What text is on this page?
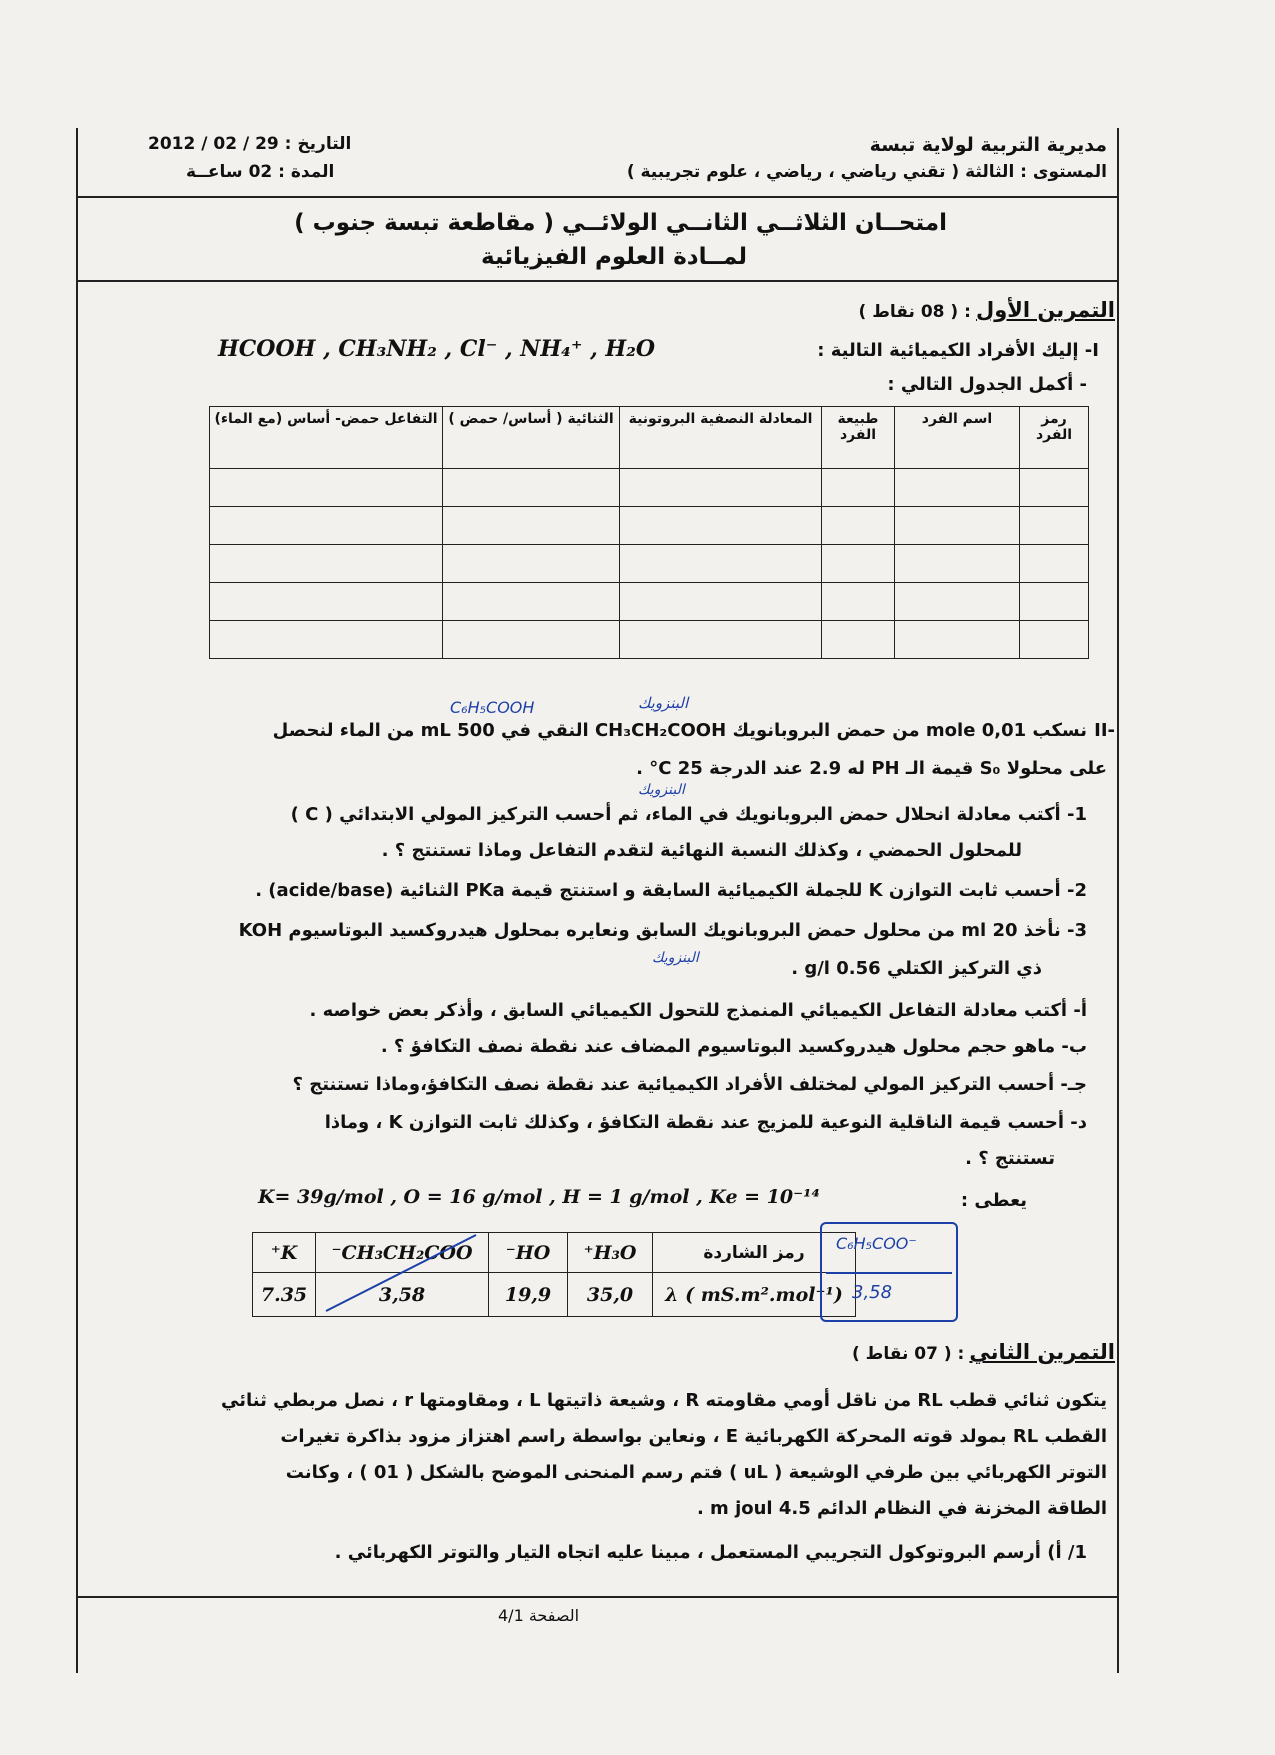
مديرية التربية لولاية تبسة
المستوى : الثالثة ( تقني رياضي ، رياضي ، علوم تجريبية )
التاريخ : 29 / 02 / 2012
المدة : 02 ساعــة
امتحــان الثلاثــي الثانــي الولائــي ( مقاطعة تبسة جنوب )
لمــادة العلوم الفيزيائية
التمرين الأول : ( 08 نقاط )
I- إليك الأفراد الكيميائية التالية :
HCOOH , CH₃NH₂ , Cl⁻ , NH₄⁺ , H₂O
- أكمل الجدول التالي :
رمز الفرد	اسم الفرد	طبيعة الفرد	المعادلة النصفية البروتونية	الثنائية ( أساس/ حمض )	التفاعل حمض- أساس (مع الماء)

C₆H₅COOH	البنزويك
II-
نسكب 0,01 mole من حمض البروبانويك CH₃CH₂COOH النقي في 500 mL من الماء لنحصل
على محلولا S₀ قيمة الـ PH له 2.9 عند الدرجة 25 C° .
البنزويك
1- أكتب معادلة انحلال حمض البروبانويك في الماء، ثم أحسب التركيز المولي الابتدائي ( C )
للمحلول الحمضي ، وكذلك النسبة النهائية لتقدم التفاعل وماذا تستنتج ؟ .
2- أحسب ثابت التوازن K للجملة الكيميائية السابقة و استنتج قيمة PKa الثنائية (acide/base) .
3- نأخذ 20 ml من محلول حمض البروبانويك السابق ونعايره بمحلول هيدروكسيد البوتاسيوم KOH
البنزويك	ذي التركيز الكتلي 0.56 g/l .
أ- أكتب معادلة التفاعل الكيميائي المنمذج للتحول الكيميائي السابق ، وأذكر بعض خواصه .
ب- ماهو حجم محلول هيدروكسيد البوتاسيوم المضاف عند نقطة نصف التكافؤ ؟ .
جـ- أحسب التركيز المولي لمختلف الأفراد الكيميائية عند نقطة نصف التكافؤ،وماذا تستنتج ؟
د- أحسب قيمة الناقلية النوعية للمزيج عند نقطة التكافؤ ، وكذلك ثابت التوازن K ، وماذا
تستنتج ؟ .
يعطى :
K= 39g/mol , O = 16 g/mol , H = 1 g/mol , Ke = 10⁻¹⁴
رمز الشاردة	H₃O⁺	HO⁻	CH₃CH₂COO⁻	K⁺
λ ( mS.m².mol⁻¹)	35,0	19,9	3,58	7.35
C₆H₅COO⁻
3,58
التمرين الثاني : ( 07 نقاط )
يتكون ثنائي قطب RL من ناقل أومي مقاومته R ، وشيعة ذاتيتها L ، ومقاومتها r ، نصل مربطي ثنائي
القطب RL بمولد قوته المحركة الكهربائية E ، ونعاين بواسطة راسم اهتزاز مزود بذاكرة تغيرات
التوتر الكهربائي بين طرفي الوشيعة ( uL ) فتم رسم المنحنى الموضح بالشكل ( 01 ) ، وكانت
الطاقة المخزنة في النظام الدائم 4.5 m joul .
1/ أ) أرسم البروتوكول التجريبي المستعمل ، مبينا عليه اتجاه التيار والتوتر الكهربائي .
الصفحة 4/1
